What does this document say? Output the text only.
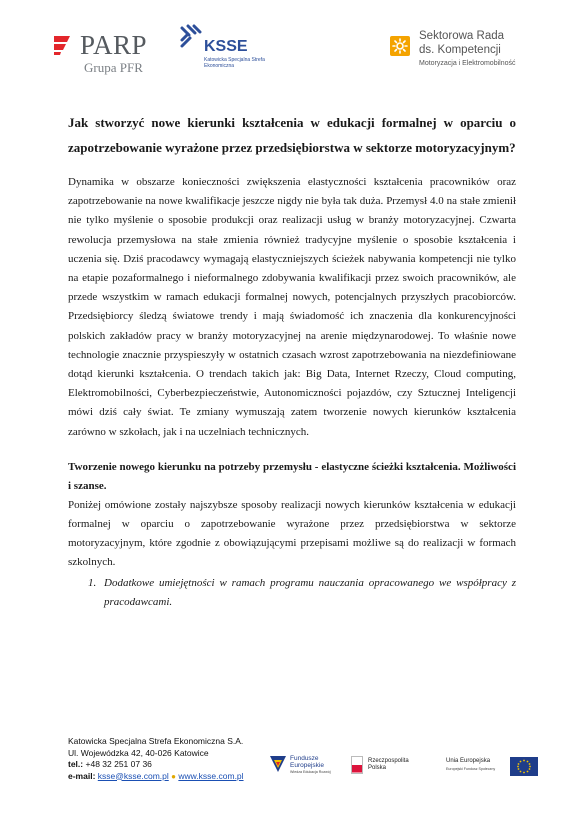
PARP
Grupa PFR
KSSE
Katowicka Specjalna Strefa Ekonomiczna
Sektorowa Rada
ds. Kompetencji
Motoryzacja i Elektromobilność
Jak stworzyć nowe kierunki kształcenia w edukacji formalnej w oparciu o zapotrzebowanie wyrażone przez przedsiębiorstwa w sektorze motoryzacyjnym?

Dynamika w obszarze konieczności zwiększenia elastyczności kształcenia pracowników oraz zapotrzebowanie na nowe kwalifikacje jeszcze nigdy nie była tak duża. Przemysł 4.0 na stałe zmienił nie tylko myślenie o sposobie produkcji oraz realizacji usług w branży motoryzacyjnej. Czwarta rewolucja przemysłowa na stałe zmienia również tradycyjne myślenie o sposobie kształcenia i uczenia się. Dziś pracodawcy wymagają elastyczniejszych ścieżek nabywania kompetencji nie tylko na etapie pozaformalnego i nieformalnego zdobywania kwalifikacji przez swoich pracowników, ale przede wszystkim w ramach edukacji formalnej nowych, potencjalnych przyszłych pracobiorców. Przedsiębiorcy śledzą światowe trendy i mają świadomość ich znaczenia dla konkurencyjności polskich zakładów pracy w branży motoryzacyjnej na arenie międzynarodowej. To właśnie nowe technologie znacznie przyspieszyły w ostatnich czasach wzrost zapotrzebowania na niezdefiniowane dotąd kierunki kształcenia. O trendach takich jak: Big Data, Internet Rzeczy, Cloud computing, Elektromobilności, Cyberbezpieczeństwie, Autonomiczności pojazdów, czy Sztucznej Inteligencji mówi dziś cały świat. Te zmiany wymuszają zatem tworzenie nowych kierunków kształcenia zarówno w szkołach, jak i na uczelniach technicznych.

Tworzenie nowego kierunku na potrzeby przemysłu - elastyczne ścieżki kształcenia. Możliwości i szanse.

Poniżej omówione zostały najszybsze sposoby realizacji nowych kierunków kształcenia w edukacji formalnej w oparciu o zapotrzebowanie wyrażone przez przedsiębiorstwa w sektorze motoryzacyjnym, które zgodnie z obowiązującymi przepisami możliwe są do realizacji w formach szkolnych.

1. Dodatkowe umiejętności w ramach programu nauczania opracowanego we współpracy z pracodawcami.
Katowicka Specjalna Strefa Ekonomiczna S.A.
Ul. Wojewódzka 42, 40-026 Katowice
tel.: +48 32 251 07 36
e-mail: ksse@ksse.com.pl ● www.ksse.com.pl
Fundusze
Europejskie
Wiedza Edukacja Rozwój
Rzeczpospolita
Polska
Unia Europejska
Europejski Fundusz Społeczny
